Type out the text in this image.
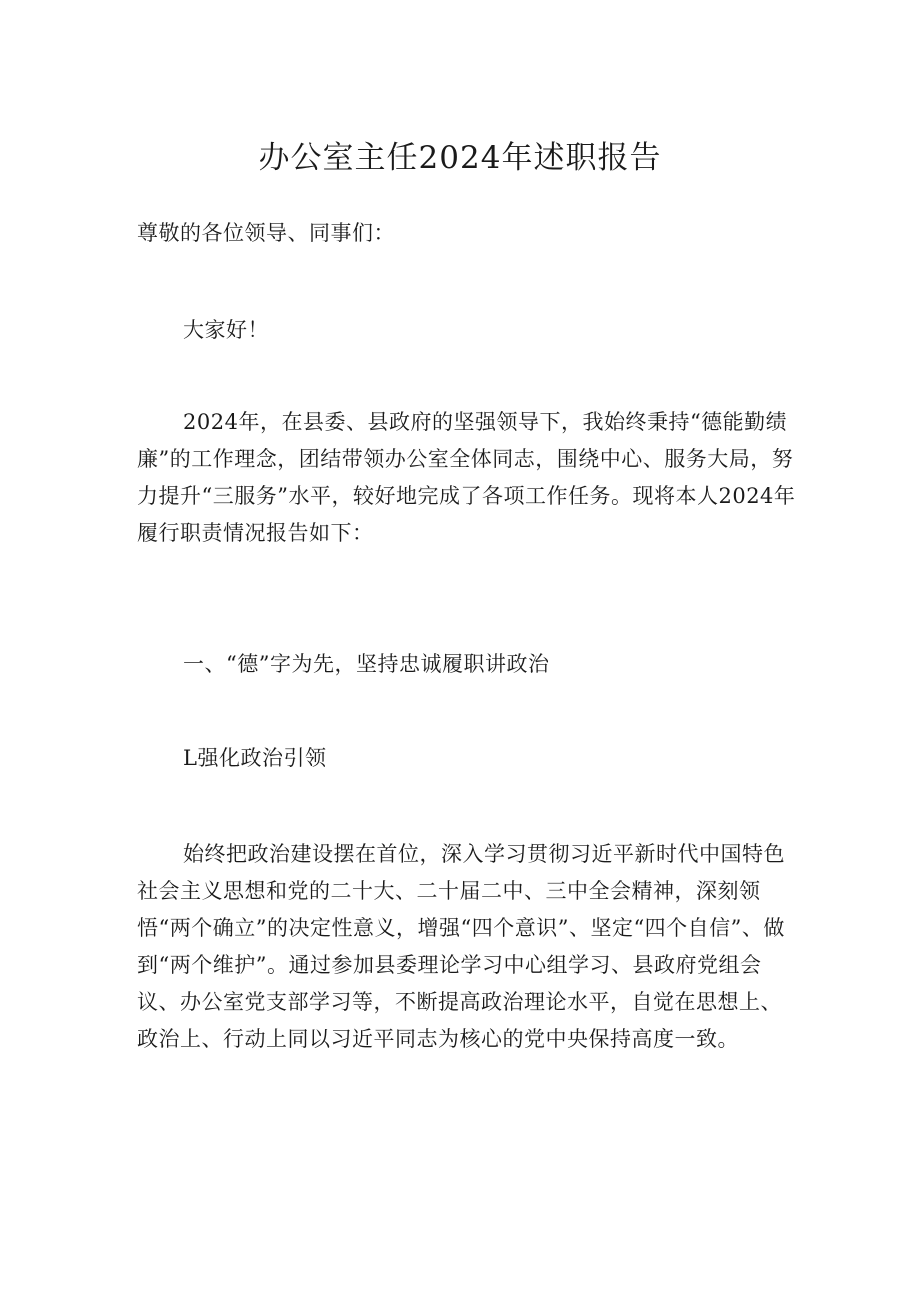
办公室主任2024年述职报告

尊敬的各位领导、同事们：

大家好！

2024年，在县委、县政府的坚强领导下，我始终秉持“德能勤绩廉”的工作理念，团结带领办公室全体同志，围绕中心、服务大局，努力提升“三服务”水平，较好地完成了各项工作任务。现将本人2024年履行职责情况报告如下：

一、“德”字为先，坚持忠诚履职讲政治

L强化政治引领

始终把政治建设摆在首位，深入学习贯彻习近平新时代中国特色社会主义思想和党的二十大、二十届二中、三中全会精神，深刻领悟“两个确立”的决定性意义，增强“四个意识”、坚定“四个自信”、做到“两个维护”。通过参加县委理论学习中心组学习、县政府党组会议、办公室党支部学习等，不断提高政治理论水平，自觉在思想上、政治上、行动上同以习近平同志为核心的党中央保持高度一致。
